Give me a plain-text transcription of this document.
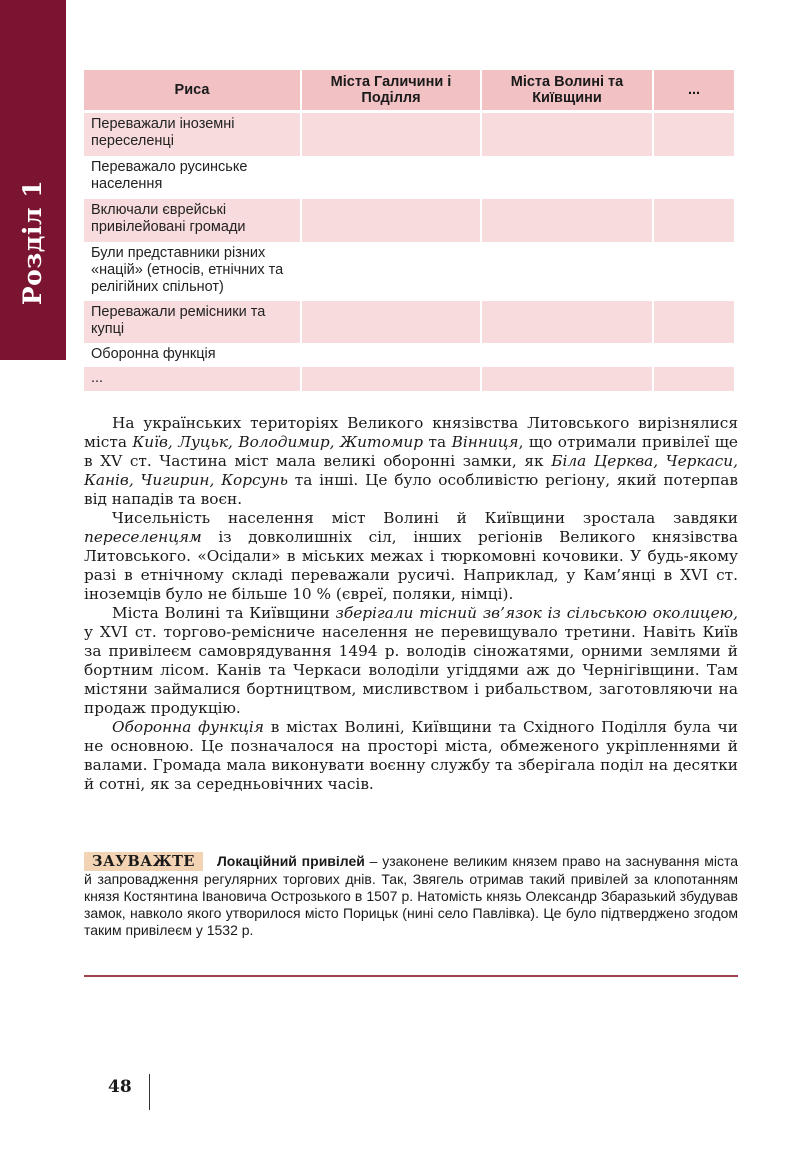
Розділ 1
Риса	Міста Галичини і Поділля	Міста Волині та Київщини	...
Переважали іноземні переселенці			
Переважало русинське населення			
Включали єврейські привілейовані громади			
Були представники різних «націй» (етносів, етнічних та релігійних спільнот)			
Переважали ремісники та купці			
Оборонна функція			
...			

На українських територіях Великого князівства Литовського вирізнялися міста Київ, Луцьк, Володимир, Житомир та Вінниця, що отримали привілеї ще в XV ст. Частина міст мала великі оборонні замки, як Біла Церква, Черкаси, Канів, Чигирин, Корсунь та інші. Це було особливістю регіону, який потерпав від нападів та воєн.

Чисельність населення міст Волині й Київщини зростала завдяки переселенцям із довколишніх сіл, інших регіонів Великого князівства Литовського. «Осідали» в міських межах і тюркомовні кочовики. У будь-якому разі в етнічному складі переважали русичі. Наприклад, у Кам’янці в XVI ст. іноземців було не більше 10 % (євреї, поляки, німці).

Міста Волині та Київщини зберігали тісний зв’язок із сільською околицею, у XVI ст. торгово-ремісниче населення не перевищувало третини. Навіть Київ за привілеєм самоврядування 1494 р. володів сіножатями, орними землями й бортним лісом. Канів та Черкаси володіли угіддями аж до Чернігівщини. Там містяни займалися бортництвом, мисливством і рибальством, заготовляючи на продаж продукцію.

Оборонна функція в містах Волині, Київщини та Східного Поділля була чи не основною. Це позначалося на просторі міста, обмеженого укріпленнями й валами. Громада мала виконувати воєнну службу та зберігала поділ на десятки й сотні, як за середньовічних часів.

ЗАУВАЖТЕ Локаційний привілей – узаконене великим князем право на заснування міста й запровадження регулярних торгових днів. Так, Звягель отримав такий привілей за клопотанням князя Костянтина Івановича Острозького в 1507 р. Натомість князь Олександр Збаразький збудував замок, навколо якого утворилося місто Порицьк (нині село Павлівка). Це було підтверджено згодом таким привілеєм у 1532 р.
48
